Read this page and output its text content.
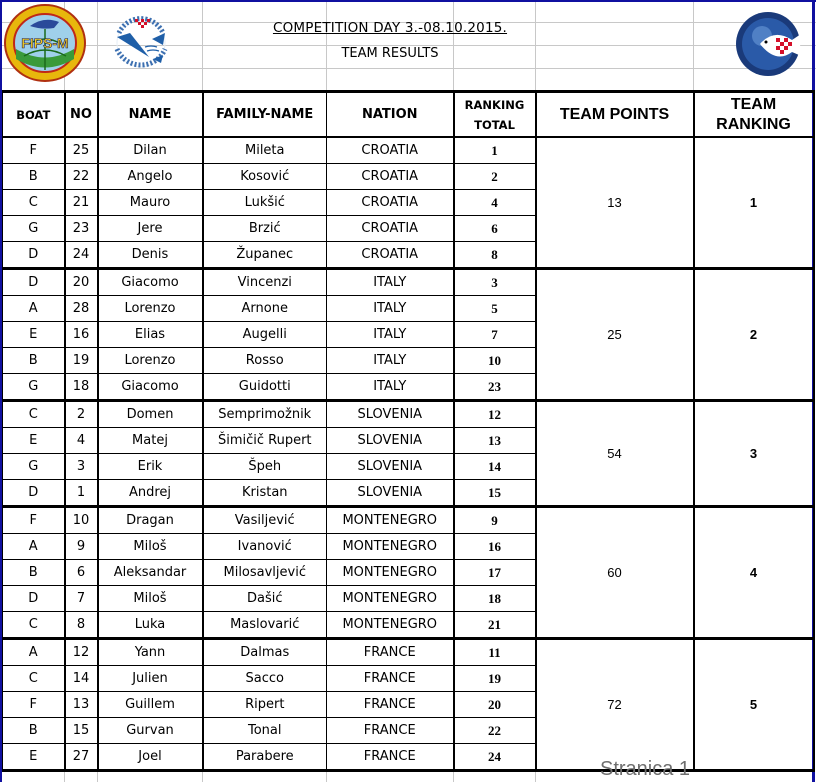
FIPS-M
COMPETITION DAY 3.-08.10.2015.
TEAM RESULTS
BOAT	NO	NAME	FAMILY-NAME	NATION	RANKING TOTAL	TEAM POINTS	TEAM RANKING
F	25	Dilan	Mileta	CROATIA	1	13	1
B	22	Angelo	Kosović	CROATIA	2		
C	21	Mauro	Lukšić	CROATIA	4		
G	23	Jere	Brzić	CROATIA	6		
D	24	Denis	Županec	CROATIA	8		
D	20	Giacomo	Vincenzi	ITALY	3	25	2
A	28	Lorenzo	Arnone	ITALY	5		
E	16	Elias	Augelli	ITALY	7		
B	19	Lorenzo	Rosso	ITALY	10		
G	18	Giacomo	Guidotti	ITALY	23		
C	2	Domen	Semprimožnik	SLOVENIA	12	54	3
E	4	Matej	Šimičič Rupert	SLOVENIA	13		
G	3	Erik	Špeh	SLOVENIA	14		
D	1	Andrej	Kristan	SLOVENIA	15		
F	10	Dragan	Vasiljević	MONTENEGRO	9	60	4
A	9	Miloš	Ivanović	MONTENEGRO	16		
B	6	Aleksandar	Milosavljević	MONTENEGRO	17		
D	7	Miloš	Dašić	MONTENEGRO	18		
C	8	Luka	Maslovarić	MONTENEGRO	21		
A	12	Yann	Dalmas	FRANCE	11	72	5
C	14	Julien	Sacco	FRANCE	19		
F	13	Guillem	Ripert	FRANCE	20		
B	15	Gurvan	Tonal	FRANCE	22		
E	27	Joel	Parabere	FRANCE	24		
Stranica 1
